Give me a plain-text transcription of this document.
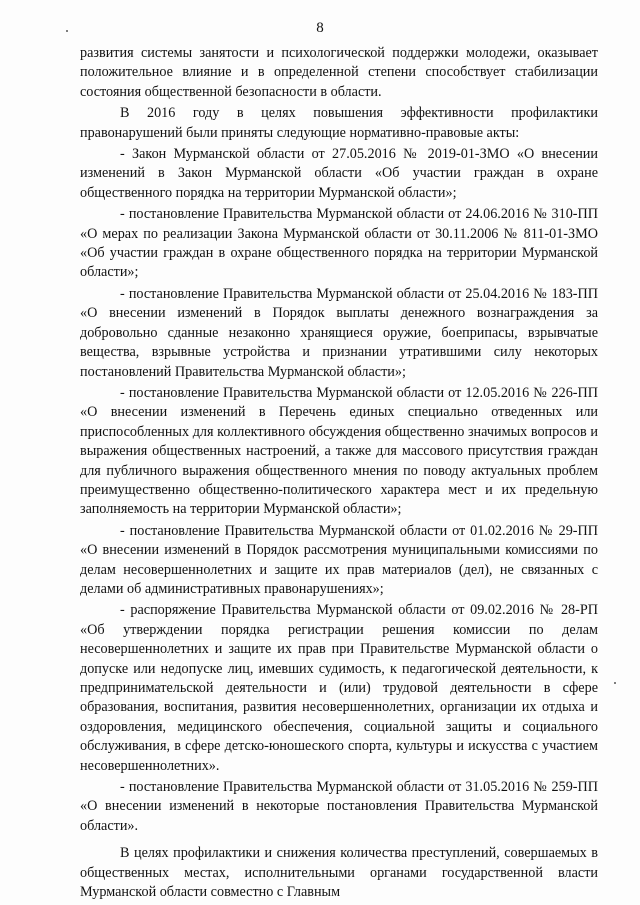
8

развития системы занятости и психологической поддержки молодежи, оказывает положительное влияние и в определенной степени способствует стабилизации состояния общественной безопасности в области.

В 2016 году в целях повышения эффективности профилактики правонарушений были приняты следующие нормативно-правовые акты:

- Закон Мурманской области от 27.05.2016 № 2019-01-ЗМО «О внесении изменений в Закон Мурманской области «Об участии граждан в охране общественного порядка на территории Мурманской области»;

- постановление Правительства Мурманской области от 24.06.2016 № 310-ПП «О мерах по реализации Закона Мурманской области от 30.11.2006 № 811-01-ЗМО «Об участии граждан в охране общественного порядка на территории Мурманской области»;

- постановление Правительства Мурманской области от 25.04.2016 № 183-ПП «О внесении изменений в Порядок выплаты денежного вознаграждения за добровольно сданные незаконно хранящиеся оружие, боеприпасы, взрывчатые вещества, взрывные устройства и признании утратившими силу некоторых постановлений Правительства Мурманской области»;

- постановление Правительства Мурманской области от 12.05.2016 № 226-ПП «О внесении изменений в Перечень единых специально отведенных или приспособленных для коллективного обсуждения общественно значимых вопросов и выражения общественных настроений, а также для массового присутствия граждан для публичного выражения общественного мнения по поводу актуальных проблем преимущественно общественно-политического характера мест и их предельную заполняемость на территории Мурманской области»;

- постановление Правительства Мурманской области от 01.02.2016 № 29-ПП «О внесении изменений в Порядок рассмотрения муниципальными комиссиями по делам несовершеннолетних и защите их прав материалов (дел), не связанных с делами об административных правонарушениях»;

- распоряжение Правительства Мурманской области от 09.02.2016 № 28-РП «Об утверждении порядка регистрации решения комиссии по делам несовершеннолетних и защите их прав при Правительстве Мурманской области о допуске или недопуске лиц, имевших судимость, к педагогической деятельности, к предпринимательской деятельности и (или) трудовой деятельности в сфере образования, воспитания, развития несовершеннолетних, организации их отдыха и оздоровления, медицинского обеспечения, социальной защиты и социального обслуживания, в сфере детско-юношеского спорта, культуры и искусства с участием несовершеннолетних».

- постановление Правительства Мурманской области от 31.05.2016 № 259-ПП «О внесении изменений в некоторые постановления Правительства Мурманской области».

В целях профилактики и снижения количества преступлений, совершаемых в общественных местах, исполнительными органами государственной власти Мурманской области совместно с Главным
